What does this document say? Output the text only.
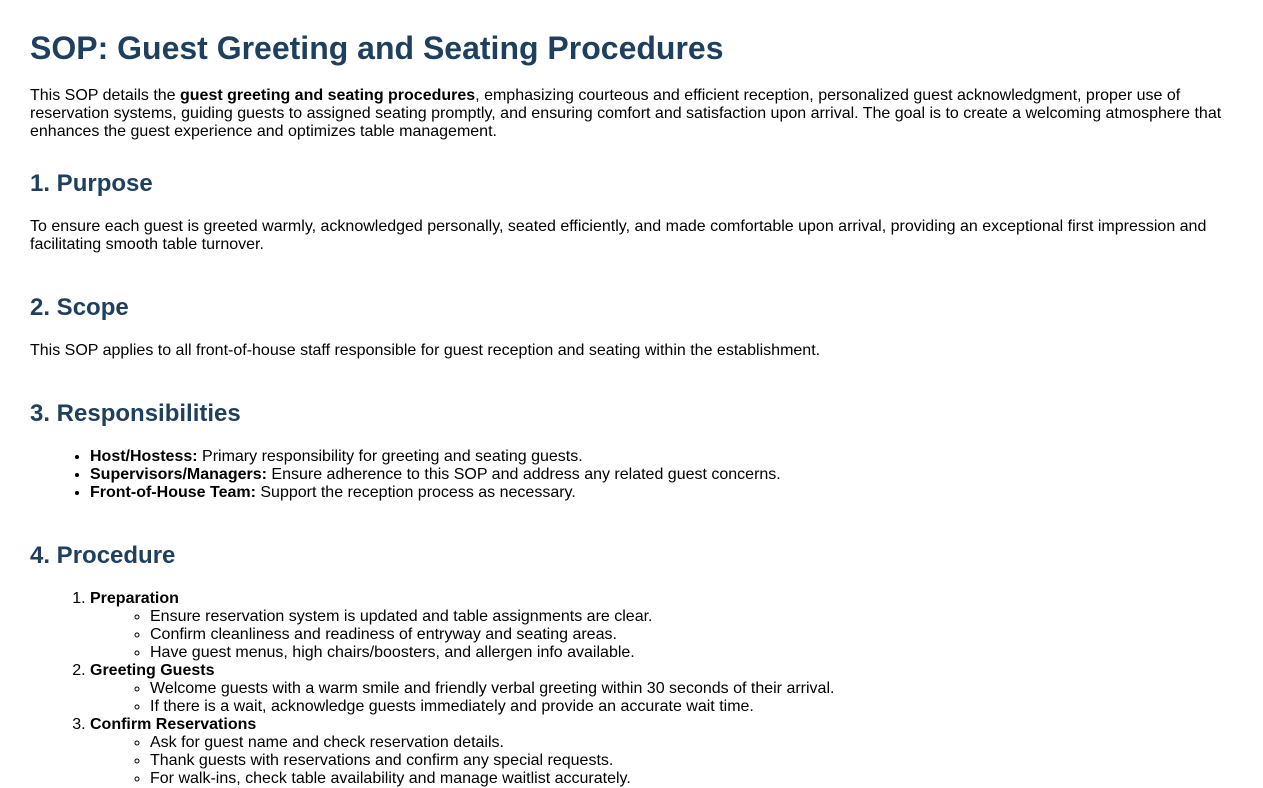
SOP: Guest Greeting and Seating Procedures

This SOP details the guest greeting and seating procedures, emphasizing courteous and efficient reception, personalized guest acknowledgment, proper use of reservation systems, guiding guests to assigned seating promptly, and ensuring comfort and satisfaction upon arrival. The goal is to create a welcoming atmosphere that enhances the guest experience and optimizes table management.

1. Purpose

To ensure each guest is greeted warmly, acknowledged personally, seated efficiently, and made comfortable upon arrival, providing an exceptional first impression and facilitating smooth table turnover.

2. Scope

This SOP applies to all front-of-house staff responsible for guest reception and seating within the establishment.

3. Responsibilities
• Host/Hostess: Primary responsibility for greeting and seating guests.
• Supervisors/Managers: Ensure adherence to this SOP and address any related guest concerns.
• Front-of-House Team: Support the reception process as necessary.
4. Procedure
1. Preparation
◦ Ensure reservation system is updated and table assignments are clear.
◦ Confirm cleanliness and readiness of entryway and seating areas.
◦ Have guest menus, high chairs/boosters, and allergen info available.
2. Greeting Guests
◦ Welcome guests with a warm smile and friendly verbal greeting within 30 seconds of their arrival.
◦ If there is a wait, acknowledge guests immediately and provide an accurate wait time.
3. Confirm Reservations
◦ Ask for guest name and check reservation details.
◦ Thank guests with reservations and confirm any special requests.
◦ For walk-ins, check table availability and manage waitlist accurately.
